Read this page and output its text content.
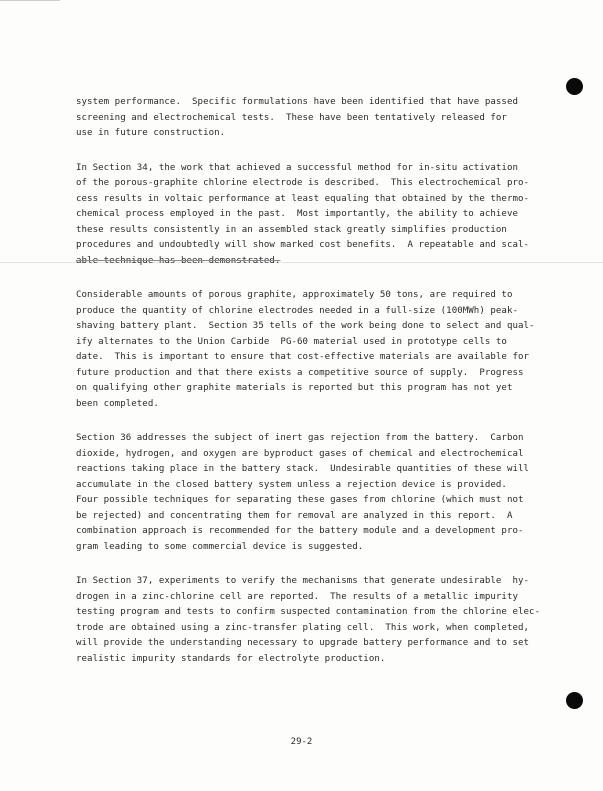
system performance.  Specific formulations have been identified that have passed
screening and electrochemical tests.  These have been tentatively released for
use in future construction.

In Section 34, the work that achieved a successful method for in-situ activation
of the porous-graphite chlorine electrode is described.  This electrochemical pro-
cess results in voltaic performance at least equaling that obtained by the thermo-
chemical process employed in the past.  Most importantly, the ability to achieve
these results consistently in an assembled stack greatly simplifies production
procedures and undoubtedly will show marked cost benefits.  A repeatable and scal-
able technique has been demonstrated.

Considerable amounts of porous graphite, approximately 50 tons, are required to
produce the quantity of chlorine electrodes needed in a full-size (100MWh) peak-
shaving battery plant.  Section 35 tells of the work being done to select and qual-
ify alternates to the Union Carbide  PG-60 material used in prototype cells to
date.  This is important to ensure that cost-effective materials are available for
future production and that there exists a competitive source of supply.  Progress
on qualifying other graphite materials is reported but this program has not yet
been completed.

Section 36 addresses the subject of inert gas rejection from the battery.  Carbon
dioxide, hydrogen, and oxygen are byproduct gases of chemical and electrochemical
reactions taking place in the battery stack.  Undesirable quantities of these will
accumulate in the closed battery system unless a rejection device is provided.
Four possible techniques for separating these gases from chlorine (which must not
be rejected) and concentrating them for removal are analyzed in this report.  A
combination approach is recommended for the battery module and a development pro-
gram leading to some commercial device is suggested.

In Section 37, experiments to verify the mechanisms that generate undesirable  hy-
drogen in a zinc-chlorine cell are reported.  The results of a metallic impurity
testing program and tests to confirm suspected contamination from the chlorine elec-
trode are obtained using a zinc-transfer plating cell.  This work, when completed,
will provide the understanding necessary to upgrade battery performance and to set
realistic impurity standards for electrolyte production.

29-2
